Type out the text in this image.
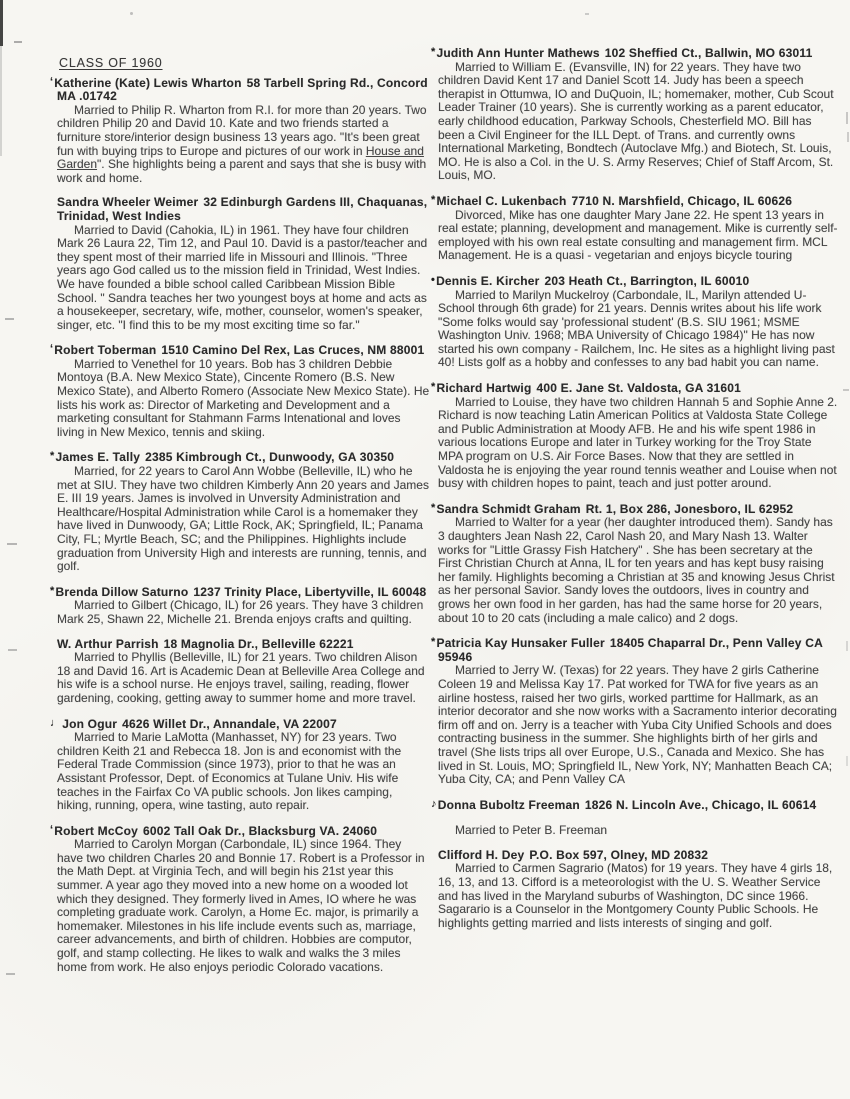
CLASS OF 1960

ʻKatherine (Kate) Lewis Wharton 58 Tarbell Spring Rd., Concord MA .01742

Married to Philip R. Wharton from R.I. for more than 20 years. Two children Philip 20 and David 10. Kate and two friends started a furniture store/interior design business 13 years ago. "It's been great fun with buying trips to Europe and pictures of our work in House and Garden". She highlights being a parent and says that she is busy with work and home.

Sandra Wheeler Weimer 32 Edinburgh Gardens III, Chaquanas, Trinidad, West Indies

Married to David (Cahokia, IL) in 1961. They have four children Mark 26 Laura 22, Tim 12, and Paul 10. David is a pastor/teacher and they spent most of their married life in Missouri and Illinois. "Three years ago God called us to the mission field in Trinidad, West Indies. We have founded a bible school called Caribbean Mission Bible School. " Sandra teaches her two youngest boys at home and acts as a housekeeper, secretary, wife, mother, counselor, women's speaker, singer, etc. "I find this to be my most exciting time so far."

ʻRobert Toberman 1510 Camino Del Rex, Las Cruces, NM 88001

Married to Venethel for 10 years. Bob has 3 children Debbie Montoya (B.A. New Mexico State), Cincente Romero (B.S. New Mexico State), and Alberto Romero (Associate New Mexico State). He lists his work as: Director of Marketing and Development and a marketing consultant for Stahmann Farms Intenational and loves living in New Mexico, tennis and skiing.

*James E. Tally 2385 Kimbrough Ct., Dunwoody, GA 30350

Married, for 22 years to Carol Ann Wobbe (Belleville, IL) who he met at SIU. They have two children Kimberly Ann 20 years and James E. III 19 years. James is involved in Unversity Administration and Healthcare/Hospital Administration while Carol is a homemaker they have lived in Dunwoody, GA; Little Rock, AK; Springfield, IL; Panama City, FL; Myrtle Beach, SC; and the Philippines. Highlights include graduation from University High and interests are running, tennis, and golf.

*Brenda Dillow Saturno 1237 Trinity Place, Libertyville, IL 60048

Married to Gilbert (Chicago, IL) for 26 years. They have 3 children Mark 25, Shawn 22, Michelle 21. Brenda enjoys crafts and quilting.

W. Arthur Parrish 18 Magnolia Dr., Belleville 62221

Married to Phyllis (Belleville, IL) for 21 years. Two children Alison 18 and David 16. Art is Academic Dean at Belleville Area College and his wife is a school nurse. He enjoys travel, sailing, reading, flower gardening, cooking, getting away to summer home and more travel.

♩Jon Ogur 4626 Willet Dr., Annandale, VA 22007

Married to Marie LaMotta (Manhasset, NY) for 23 years. Two children Keith 21 and Rebecca 18. Jon is and economist with the Federal Trade Commission (since 1973), prior to that he was an Assistant Professor, Dept. of Economics at Tulane Univ. His wife teaches in the Fairfax Co VA public schools. Jon likes camping, hiking, running, opera, wine tasting, auto repair.

ʻRobert McCoy 6002 Tall Oak Dr., Blacksburg VA. 24060

Married to Carolyn Morgan (Carbondale, IL) since 1964. They have two children Charles 20 and Bonnie 17. Robert is a Professor in the Math Dept. at Virginia Tech, and will begin his 21st year this summer. A year ago they moved into a new home on a wooded lot which they designed. They formerly lived in Ames, IO where he was completing graduate work. Carolyn, a Home Ec. major, is primarily a homemaker. Milestones in his life include events such as, marriage, career advancements, and birth of children. Hobbies are computor, golf, and stamp collecting. He likes to walk and walks the 3 miles home from work. He also enjoys periodic Colorado vacations.

*Judith Ann Hunter Mathews 102 Sheffied Ct., Ballwin, MO 63011

Married to William E. (Evansville, IN) for 22 years. They have two children David Kent 17 and Daniel Scott 14. Judy has been a speech therapist in Ottumwa, IO and DuQuoin, IL; homemaker, mother, Cub Scout Leader Trainer (10 years). She is currently working as a parent educator, early childhood education, Parkway Schools, Chesterfield MO. Bill has been a Civil Engineer for the ILL Dept. of Trans. and currently owns International Marketing, Bondtech (Autoclave Mfg.) and Biotech, St. Louis, MO. He is also a Col. in the U. S. Army Reserves; Chief of Staff Arcom, St. Louis, MO.

*Michael C. Lukenbach 7710 N. Marshfield, Chicago, IL 60626

Divorced, Mike has one daughter Mary Jane 22. He spent 13 years in real estate; planning, development and management. Mike is currently self-employed with his own real estate consulting and management firm. MCL Management. He is a quasi - vegetarian and enjoys bicycle touring

•Dennis E. Kircher 203 Heath Ct., Barrington, IL 60010

Married to Marilyn Muckelroy (Carbondale, IL, Marilyn attended U-School through 6th grade) for 21 years. Dennis writes about his life work "Some folks would say 'professional student' (B.S. SIU 1961; MSME Washington Univ. 1968; MBA University of Chicago 1984)" He has now started his own company - Railchem, Inc. He sites as a highlight living past 40! Lists golf as a hobby and confesses to any bad habit you can name.

*Richard Hartwig 400 E. Jane St. Valdosta, GA 31601

Married to Louise, they have two children Hannah 5 and Sophie Anne 2. Richard is now teaching Latin American Politics at Valdosta State College and Public Administration at Moody AFB. He and his wife spent 1986 in various locations Europe and later in Turkey working for the Troy State MPA program on U.S. Air Force Bases. Now that they are settled in Valdosta he is enjoying the year round tennis weather and Louise when not busy with children hopes to paint, teach and just potter around.

*Sandra Schmidt Graham Rt. 1, Box 286, Jonesboro, IL 62952

Married to Walter for a year (her daughter introduced them). Sandy has 3 daughters Jean Nash 22, Carol Nash 20, and Mary Nash 13. Walter works for "Little Grassy Fish Hatchery" . She has been secretary at the First Christian Church at Anna, IL for ten years and has kept busy raising her family. Highlights becoming a Christian at 35 and knowing Jesus Christ as her personal Savior. Sandy loves the outdoors, lives in country and grows her own food in her garden, has had the same horse for 20 years, about 10 to 20 cats (including a male calico) and 2 dogs.

*Patricia Kay Hunsaker Fuller 18405 Chaparral Dr., Penn Valley CA 95946

Married to Jerry W. (Texas) for 22 years. They have 2 girls Catherine Coleen 19 and Melissa Kay 17. Pat worked for TWA for five years as an airline hostess, raised her two girls, worked parttime for Hallmark, as an interior decorator and she now works with a Sacramento interior decorating firm off and on. Jerry is a teacher with Yuba City Unified Schools and does contracting business in the summer. She highlights birth of her girls and travel (She lists trips all over Europe, U.S., Canada and Mexico. She has lived in St. Louis, MO; Springfield IL, New York, NY; Manhatten Beach CA; Yuba City, CA; and Penn Valley CA

♪Donna Buboltz Freeman 1826 N. Lincoln Ave., Chicago, IL 60614

Married to Peter B. Freeman

Clifford H. Dey P.O. Box 597, Olney, MD 20832

Married to Carmen Sagrario (Matos) for 19 years. They have 4 girls 18, 16, 13, and 13. Cifford is a meteorologist with the U. S. Weather Service and has lived in the Maryland suburbs of Washington, DC since 1966. Sagarario is a Counselor in the Montgomery County Public Schools. He highlights getting married and lists interests of singing and golf.
